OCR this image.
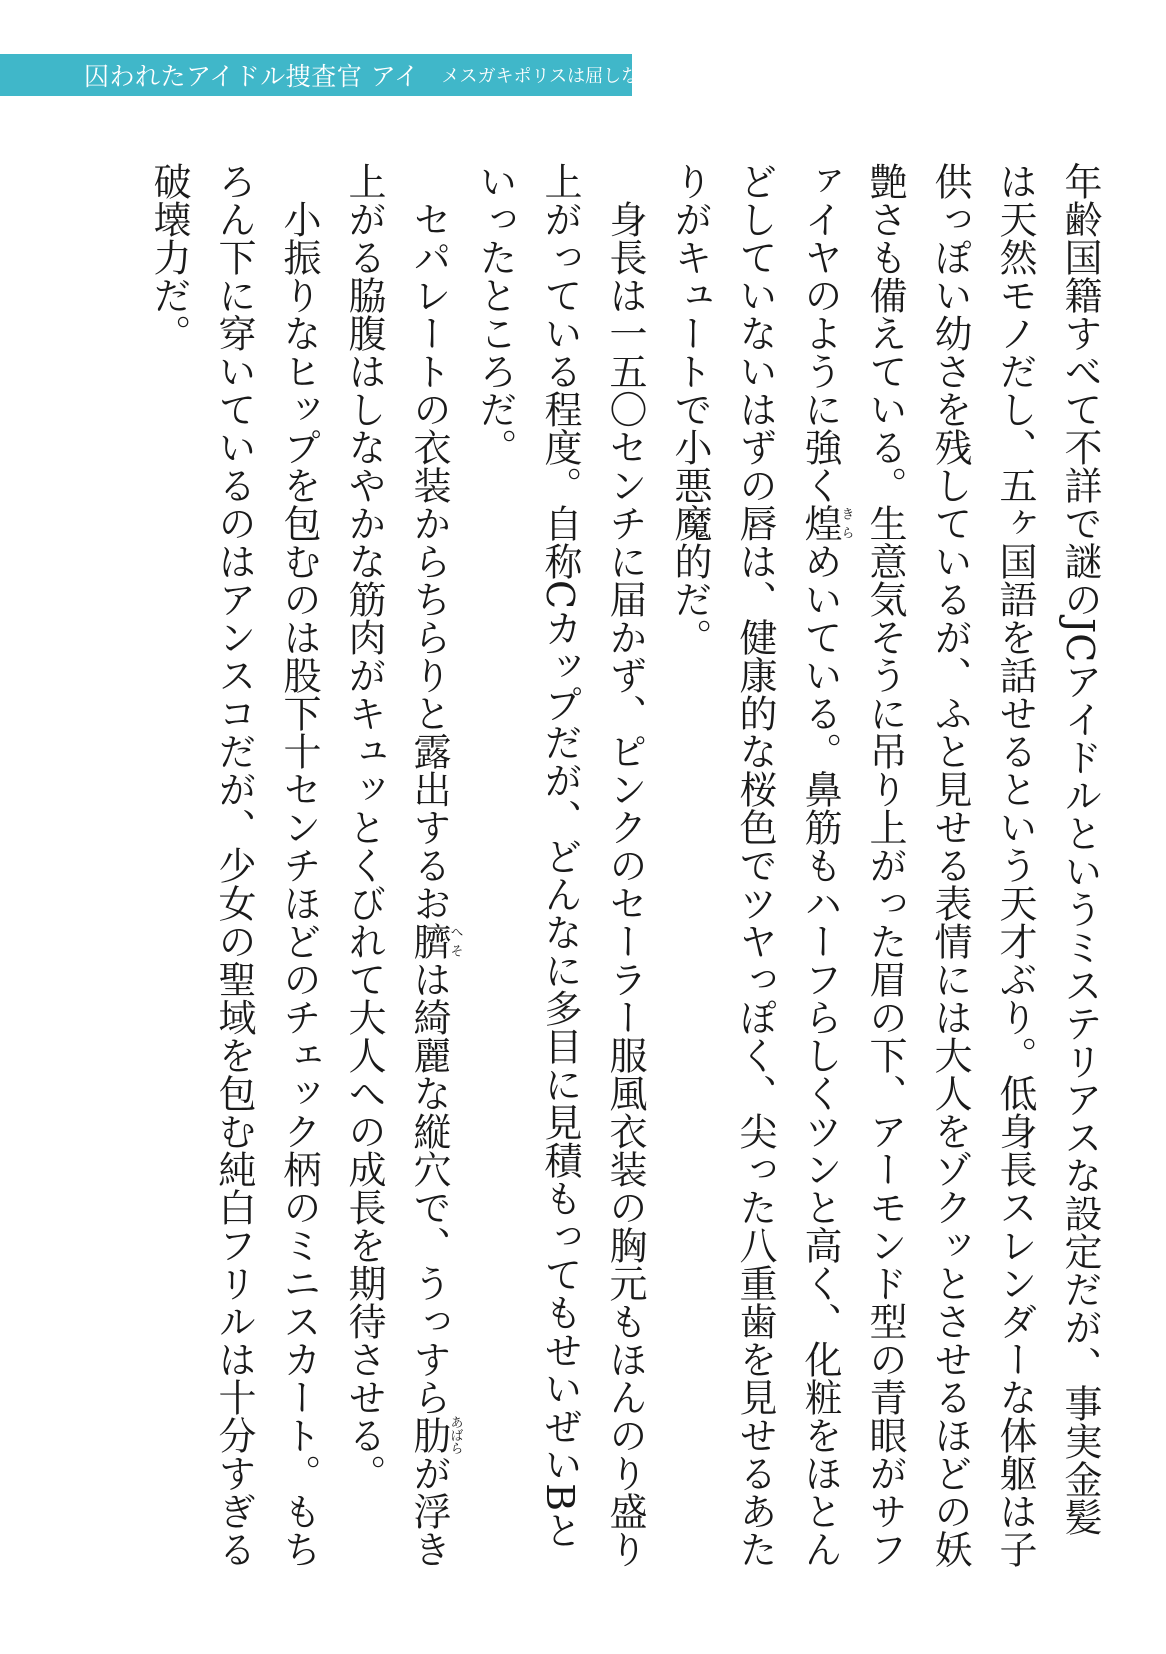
囚われたアイドル捜査官 アイ メスガキポリスは屈しない!

年齢国籍すべて不詳で謎のJCアイドルというミステリアスな設定だが、事実金髪は天然モノだし、五ヶ国語を話せるという天才ぶり。低身長スレンダーな体躯は子供っぽい幼さを残しているが、ふと見せる表情には大人をゾクッとさせるほどの妖艶さも備えている。生意気そうに吊り上がった眉の下、アーモンド型の青眼がサファイヤのように強く煌きらめいている。鼻筋もハーフらしくツンと高く、化粧をほとんどしていないはずの唇は、健康的な桜色でツヤっぽく、尖った八重歯を見せるあたりがキュートで小悪魔的だ。

　身長は一五〇センチに届かず、ピンクのセーラー服風衣装の胸元もほんのり盛り上がっている程度。自称Cカップだが、どんなに多目に見積もってもせいぜいBといったところだ。

　セパレートの衣装からちらりと露出するお臍へそは綺麗な縦穴で、うっすら肋あばらが浮き上がる脇腹はしなやかな筋肉がキュッとくびれて大人への成長を期待させる。

　小振りなヒップを包むのは股下十センチほどのチェック柄のミニスカート。もちろん下に穿いているのはアンスコだが、少女の聖域を包む純白フリルは十分すぎる破壊力だ。
